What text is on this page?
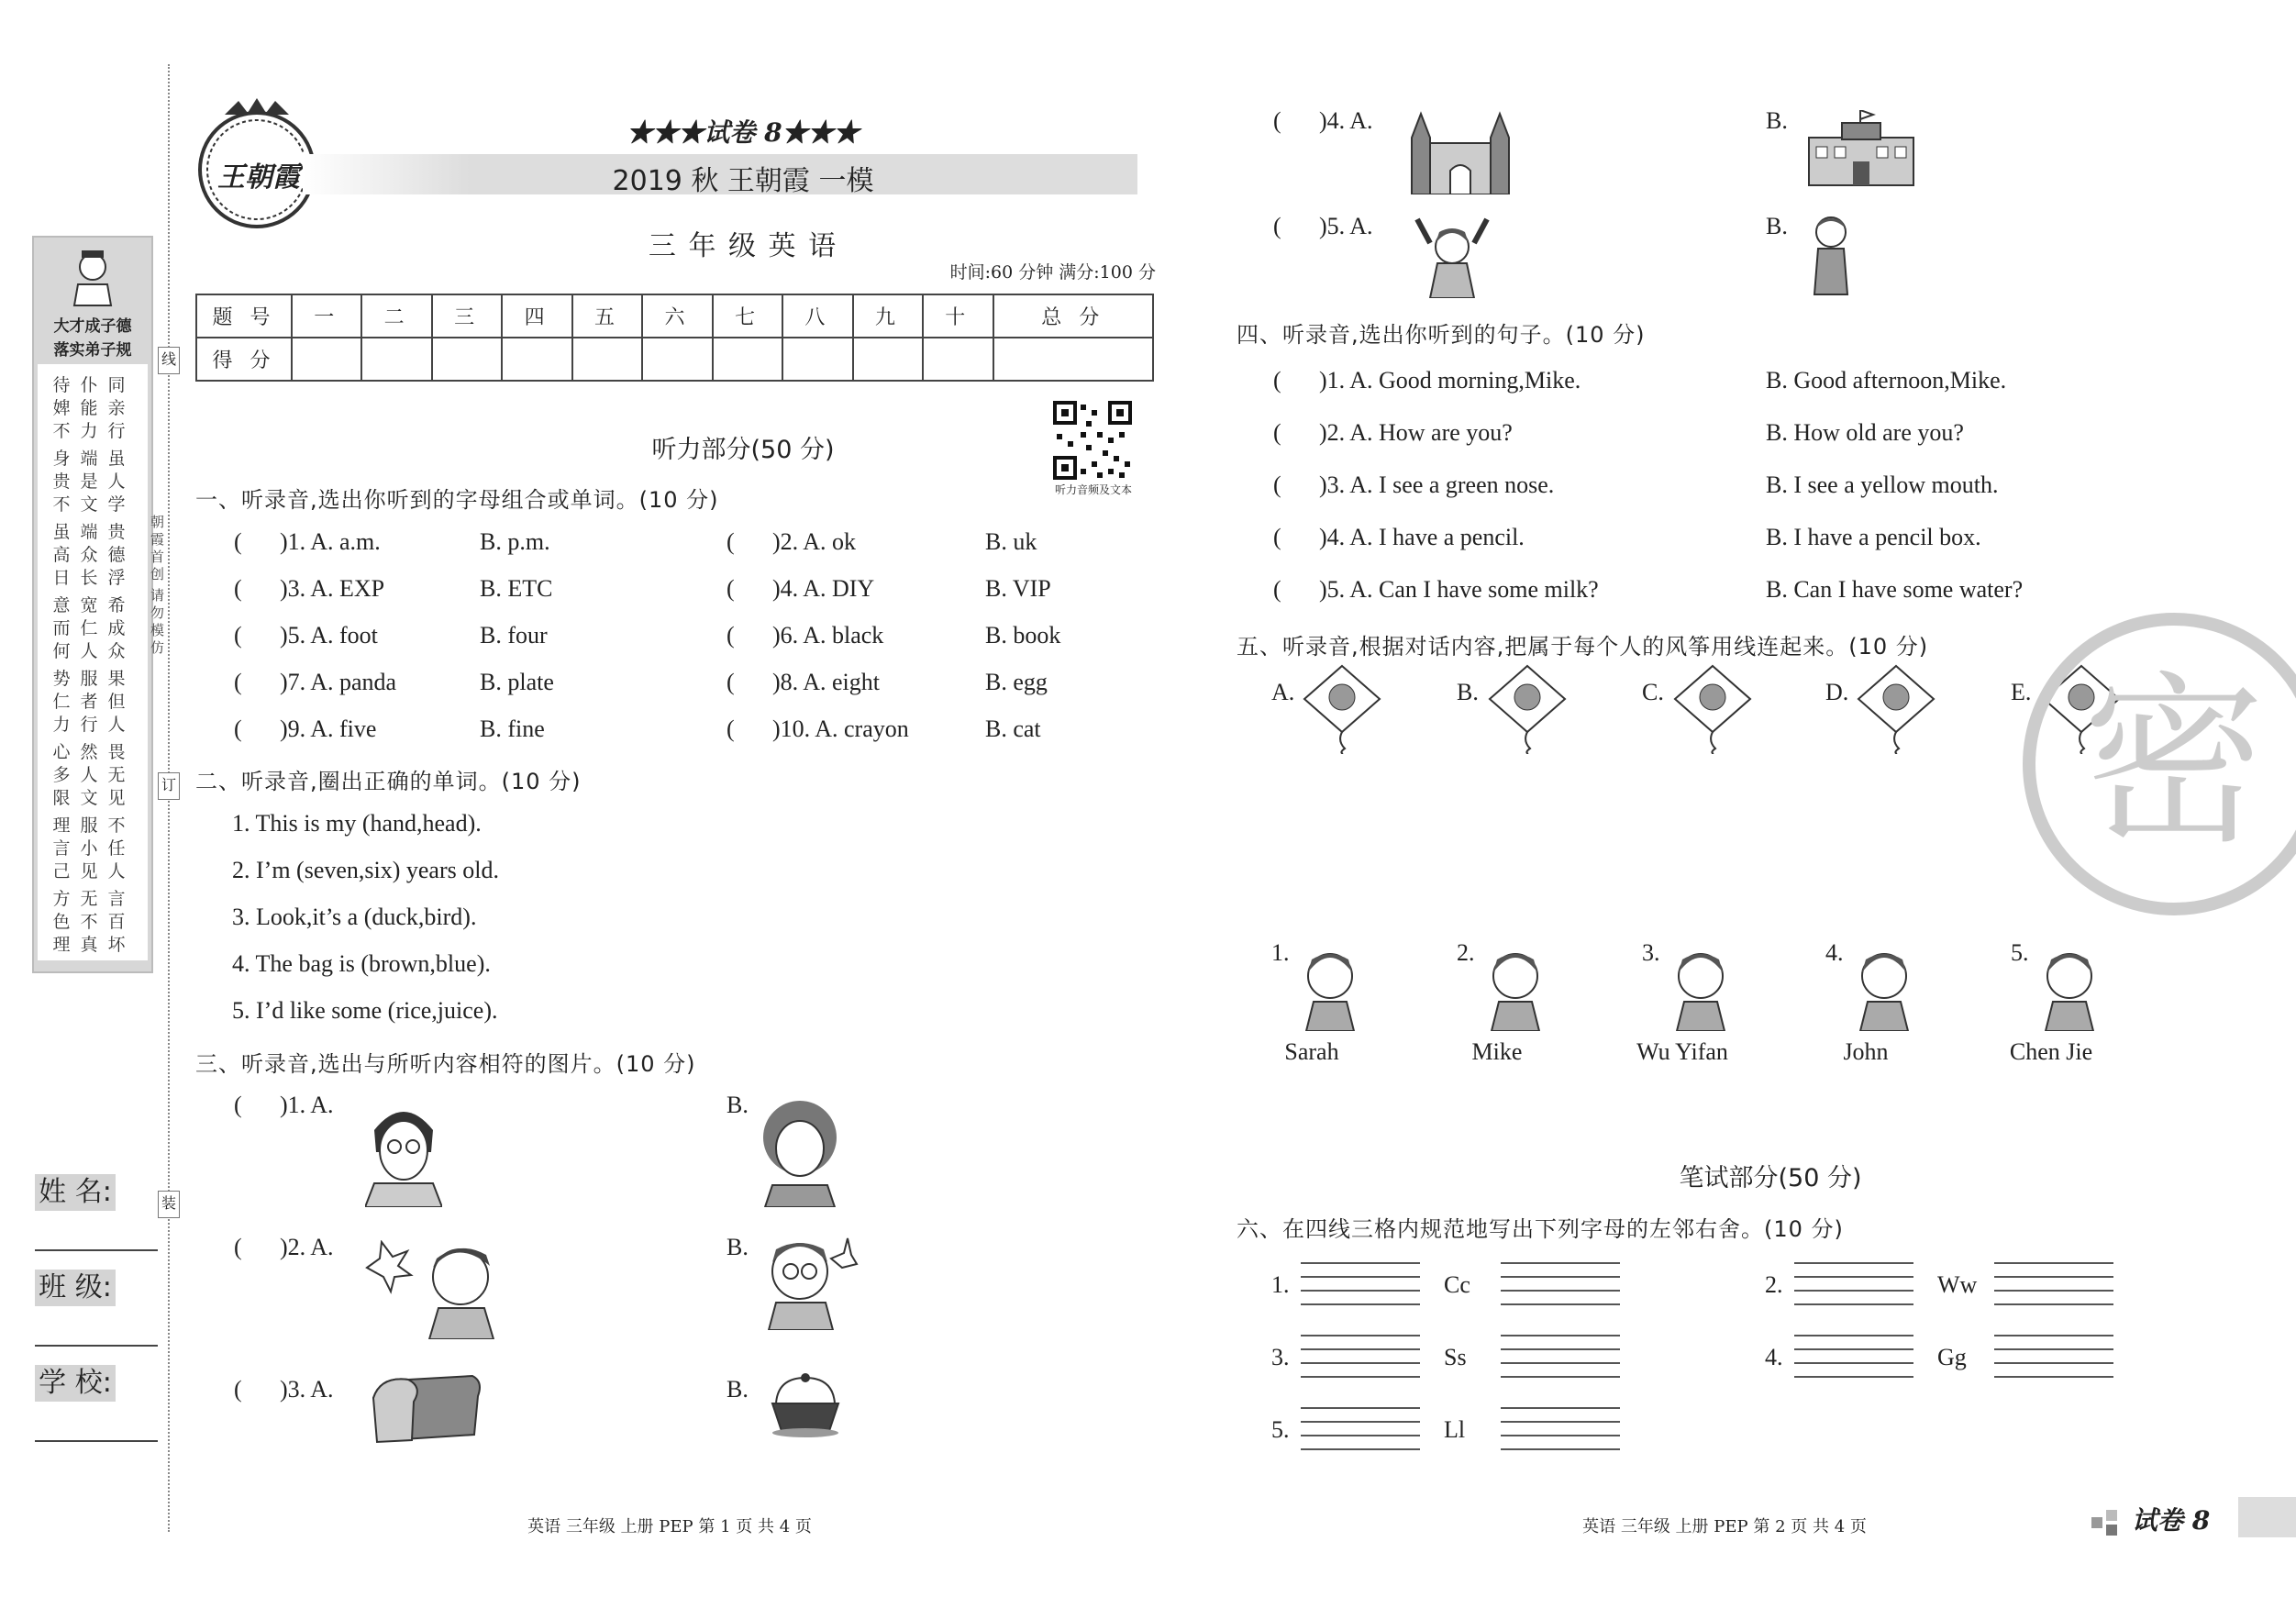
大才成子德
落实弟子规
待 仆 同
婢 能 亲
不 力 行
身 端 虽
贵 是 人
不 文 学
虽 端 贵
高 众 德
日 长 浮
意 宽 希
而 仁 成
何 人 众
势 服 果
仁 者 但
力 行 人
心 然 畏
多 人 无
限 文 见
理 服 不
言 小 任
己 见 人
方 无 言
色 不 百
理 真 坏
线
订
装
朝霞首创
请勿模仿
姓 名:
班 级:
学 校:
王朝霞
★★★试卷 8★★★
2019 秋 王朝霞 一模
三 年 级 英 语
时间:60 分钟 满分:100 分
题 号	一	二	三	四	五	六	七	八	九	十	总 分
得 分											
听力音频及文本
听力部分(50 分)
一、听录音,选出你听到的字母组合或单词。(10 分)
( )1. A. a.m.	B. p.m.	( )2. A. ok	B. uk
( )3. A. EXP	B. ETC	( )4. A. DIY	B. VIP
( )5. A. foot	B. four	( )6. A. black	B. book
( )7. A. panda	B. plate	( )8. A. eight	B. egg
( )9. A. five	B. fine	( )10. A. crayon	B. cat
二、听录音,圈出正确的单词。(10 分)
1. This is my (hand,head).
2. I’m (seven,six) years old.
3. Look,it’s a (duck,bird).
4. The bag is (brown,blue).
5. I’d like some (rice,juice).
三、听录音,选出与所听内容相符的图片。(10 分)
( )1. A.	B.
( )2. A.	B.
( )3. A.	B.
英语 三年级 上册 PEP 第 1 页 共 4 页
( )4. A.	B.
( )5. A.	B.
四、听录音,选出你听到的句子。(10 分)
( )1. A. Good morning,Mike.	B. Good afternoon,Mike.
( )2. A. How are you?	B. How old are you?
( )3. A. I see a green nose.	B. I see a yellow mouth.
( )4. A. I have a pencil.	B. I have a pencil box.
( )5. A. Can I have some milk?	B. Can I have some water?
五、听录音,根据对话内容,把属于每个人的风筝用线连起来。(10 分)
A.	B.	C.	D.	E.
1.
Sarah
2.
Mike
3.
Wu Yifan
4.
John
5.
Chen Jie
笔试部分(50 分)
六、在四线三格内规范地写出下列字母的左邻右舍。(10 分)
1.	Cc	2.	Ww
3.	Ss	4.	Gg
5.	Ll
英语 三年级 上册 PEP 第 2 页 共 4 页	试卷 8
密
